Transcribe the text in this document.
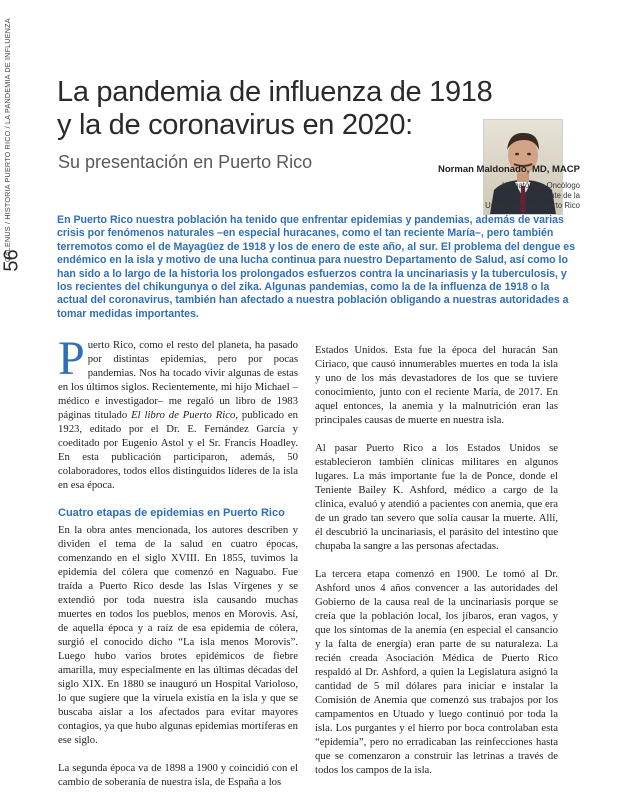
GALENUS / HISTORIA PUERTO RICO / LA PANDEMIA DE INFLUENZA
56
La pandemia de influenza de 1918
y la de coronavirus en 2020:
Su presentación en Puerto Rico	Norman Maldonado, MD, MACP
Hematólogo-Oncólogo
Ex Presidente de la
Universidad de Puerto Rico
En Puerto Rico nuestra población ha tenido que enfrentar epidemias y pandemias, además de varias crisis por fenómenos naturales –en especial huracanes, como el tan reciente María–, pero también terremotos como el de Mayagüez de 1918 y los de enero de este año, al sur. El problema del dengue es endémico en la isla y motivo de una lucha continua para nuestro Departamento de Salud, así como lo han sido a lo largo de la historia los prolongados esfuerzos contra la uncinariasis y la tuberculosis, y los recientes del chikungunya o del zika. Algunas pandemias, como la de la influenza de 1918 o la actual del coronavirus, también han afectado a nuestra población obligando a nuestras autoridades a tomar medidas importantes.

Puerto Rico, como el resto del planeta, ha pasado por distintas epidemias, pero por pocas pandemias. Nos ha tocado vivir algunas de estas en los últimos siglos. Recientemente, mi hijo Michael –médico e investigador– me regaló un libro de 1983 páginas titulado El libro de Puerto Rico, publicado en 1923, editado por el Dr. E. Fernández García y coeditado por Eugenio Astol y el Sr. Francis Hoadley. En esta publicación participaron, además, 50 colaboradores, todos ellos distinguidos líderes de la isla en esa época.

Cuatro etapas de epidemias en Puerto Rico

En la obra antes mencionada, los autores describen y dividen el tema de la salud en cuatro épocas, comenzando en el siglo XVIII. En 1855, tuvimos la epidemia del cólera que comenzó en Naguabo. Fue traída a Puerto Rico desde las Islas Vírgenes y se extendió por toda nuestra isla causando muchas muertes en todos los pueblos, menos en Morovis. Así, de aquella época y a raíz de esa epidemia de cólera, surgió el conocido dicho “La isla menos Morovis”. Luego hubo varios brotes epidémicos de fiebre amarilla, muy especialmente en las últimas décadas del siglo XIX. En 1880 se inauguró un Hospital Varioloso, lo que sugiere que la viruela existía en la isla y que se buscaba aislar a los afectados para evitar mayores contagios, ya que hubo algunas epidemias mortíferas en ese siglo.

La segunda época va de 1898 a 1900 y coincidió con el cambio de soberanía de nuestra isla, de España a los

Estados Unidos. Esta fue la época del huracán San Ciriaco, que causó innumerables muertes en toda la isla y uno de los más devastadores de los que se tuviere conocimiento, junto con el reciente María, de 2017. En aquel entonces, la anemia y la malnutrición eran las principales causas de muerte en nuestra isla.

Al pasar Puerto Rico a los Estados Unidos se establecieron también clínicas militares en algunos lugares. La más importante fue la de Ponce, donde el Teniente Bailey K. Ashford, médico a cargo de la clínica, evaluó y atendió a pacientes con anemia, que era de un grado tan severo que solía causar la muerte. Allí, él descubrió la uncinariasis, el parásito del intestino que chupaba la sangre a las personas afectadas.

La tercera etapa comenzó en 1900. Le tomó al Dr. Ashford unos 4 años convencer a las autoridades del Gobierno de la causa real de la uncinariasis porque se creía que la población local, los jíbaros, eran vagos, y que los síntomas de la anemia (en especial el cansancio y la falta de energía) eran parte de su naturaleza. La recién creada Asociación Médica de Puerto Rico respaldó al Dr. Ashford, a quien la Legislatura asignó la cantidad de 5 mil dólares para iniciar e instalar la Comisión de Anemia que comenzó sus trabajos por los campamentos en Utuado y luego continuó por toda la isla. Los purgantes y el hierro por boca controlaban esta “epidemia”, pero no erradicaban las reinfecciones hasta que se comenzaron a construir las letrinas a través de todos los campos de la isla.
